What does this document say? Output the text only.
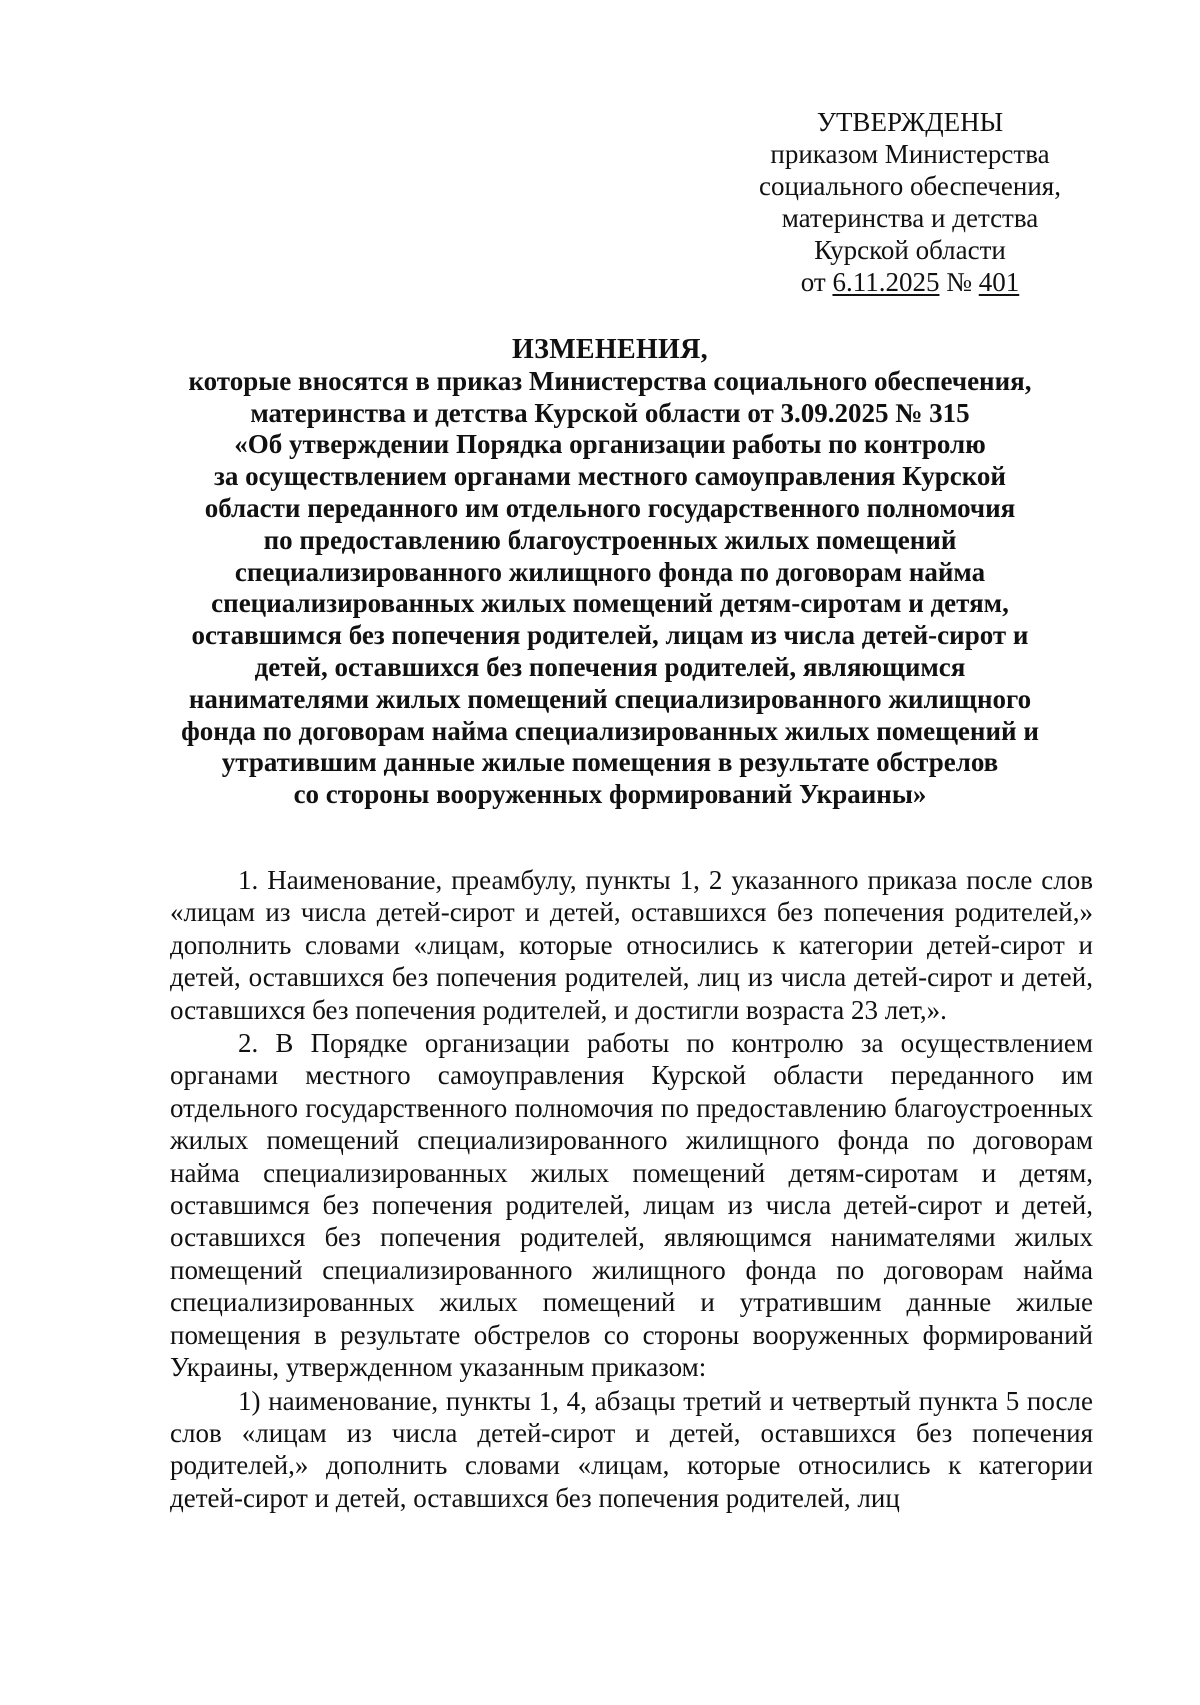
УТВЕРЖДЕНЫ
приказом Министерства
социального обеспечения,
материнства и детства
Курской области
от 6.11.2025 № 401
ИЗМЕНЕНИЯ,
которые вносятся в приказ Министерства социального обеспечения,
материнства и детства Курской области от 3.09.2025 № 315
«Об утверждении Порядка организации работы по контролю
за осуществлением органами местного самоуправления Курской
области переданного им отдельного государственного полномочия
по предоставлению благоустроенных жилых помещений
специализированного жилищного фонда по договорам найма
специализированных жилых помещений детям-сиротам и детям,
оставшимся без попечения родителей, лицам из числа детей-сирот и
детей, оставшихся без попечения родителей, являющимся
нанимателями жилых помещений специализированного жилищного
фонда по договорам найма специализированных жилых помещений и
утратившим данные жилые помещения в результате обстрелов
со стороны вооруженных формирований Украины»

1. Наименование, преамбулу, пункты 1, 2 указанного приказа после слов «лицам из числа детей-сирот и детей, оставшихся без попечения родителей,» дополнить словами «лицам, которые относились к категории детей-сирот и детей, оставшихся без попечения родителей, лиц из числа детей-сирот и детей, оставшихся без попечения родителей, и достигли возраста 23 лет,».

2. В Порядке организации работы по контролю за осуществлением органами местного самоуправления Курской области переданного им отдельного государственного полномочия по предоставлению благоустроенных жилых помещений специализированного жилищного фонда по договорам найма специализированных жилых помещений детям-сиротам и детям, оставшимся без попечения родителей, лицам из числа детей-сирот и детей, оставшихся без попечения родителей, являющимся нанимателями жилых помещений специализированного жилищного фонда по договорам найма специализированных жилых помещений и утратившим данные жилые помещения в результате обстрелов со стороны вооруженных формирований Украины, утвержденном указанным приказом:

1) наименование, пункты 1, 4, абзацы третий и четвертый пункта 5 после слов «лицам из числа детей-сирот и детей, оставшихся без попечения родителей,» дополнить словами «лицам, которые относились к категории детей-сирот и детей, оставшихся без попечения родителей, лиц
